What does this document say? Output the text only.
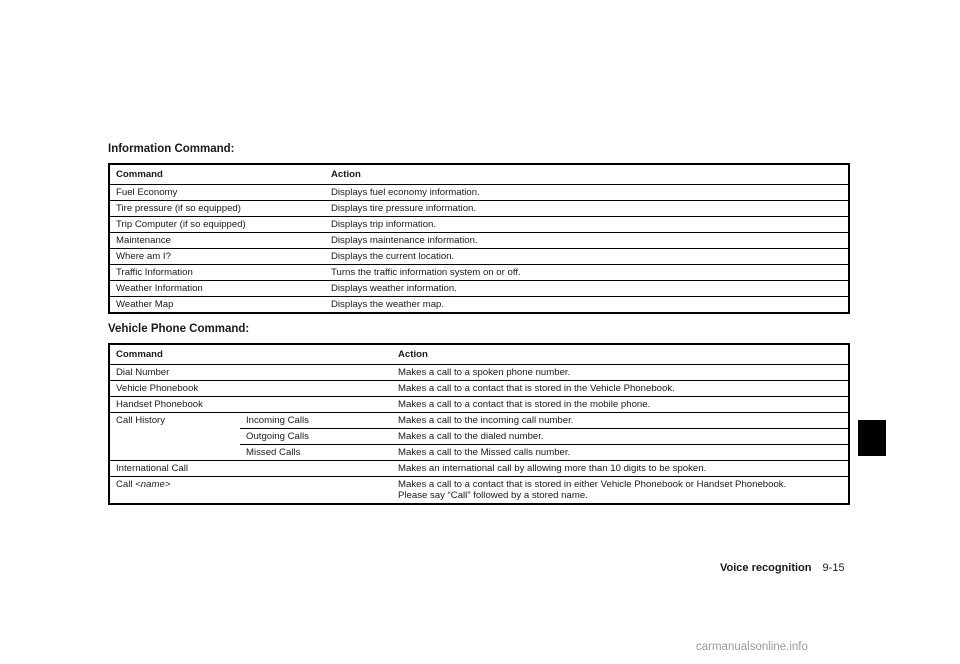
Information Command:
Command	Action
Fuel Economy	Displays fuel economy information.
Tire pressure (if so equipped)	Displays tire pressure information.
Trip Computer (if so equipped)	Displays trip information.
Maintenance	Displays maintenance information.
Where am I?	Displays the current location.
Traffic Information	Turns the traffic information system on or off.
Weather Information	Displays weather information.
Weather Map	Displays the weather map.
Vehicle Phone Command:
Command		Action
Dial Number		Makes a call to a spoken phone number.
Vehicle Phonebook		Makes a call to a contact that is stored in the Vehicle Phonebook.
Handset Phonebook		Makes a call to a contact that is stored in the mobile phone.
Call History	Incoming Calls	Makes a call to the incoming call number.
	Outgoing Calls	Makes a call to the dialed number.
	Missed Calls	Makes a call to the Missed calls number.
International Call		Makes an international call by allowing more than 10 digits to be spoken.
Call <name>		Makes a call to a contact that is stored in either Vehicle Phonebook or Handset Phonebook.
Please say “Call” followed by a stored name.
Voice recognition 9-15
carmanualsonline.info
